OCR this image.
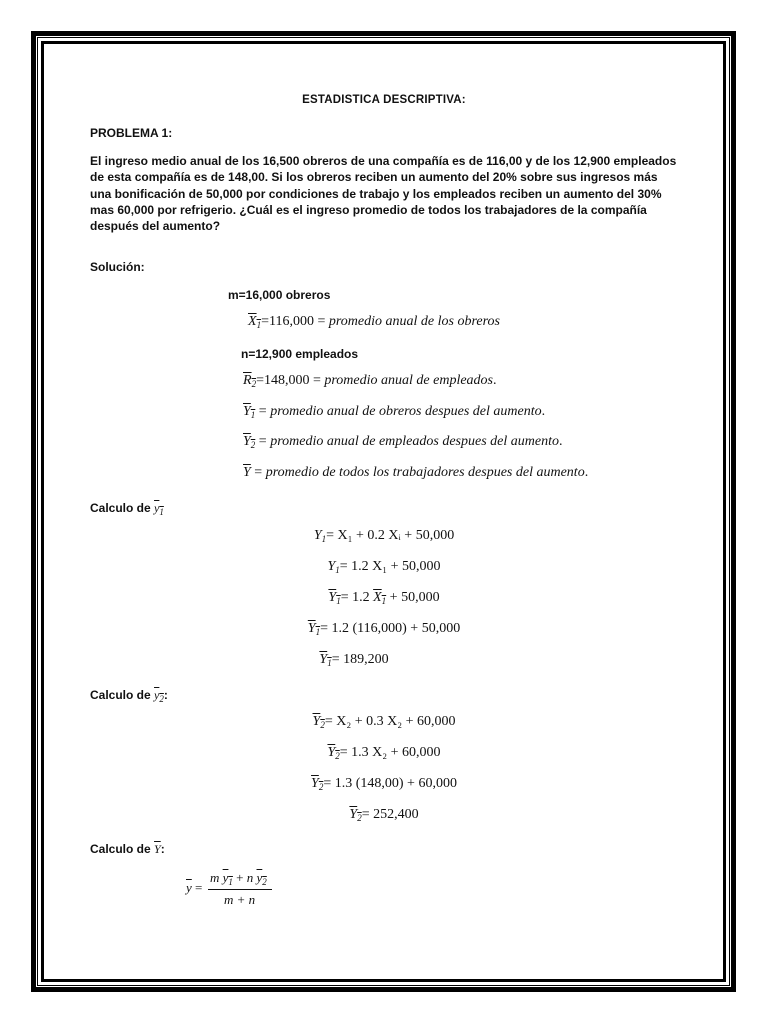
ESTADISTICA DESCRIPTIVA:
PROBLEMA 1:
El ingreso medio anual de los 16,500 obreros de una compañía es de 116,00 y de los 12,900 empleados de esta compañía es de 148,00. Si los obreros reciben un aumento del 20% sobre sus ingresos más una bonificación de 50,000 por condiciones de trabajo y los empleados reciben un aumento del 30% mas 60,000 por refrigerio. ¿Cuál es el ingreso promedio de todos los trabajadores de la compañía después del aumento?
Solución:
m=16,000 obreros
$X_1=116,000$ = promedio anual de los obreros
n=12,900 empleados
$R_2=148,000$ = promedio anual de empleados.
$Y_1$ = promedio anual de obreros despues del aumento.
$Y_2$ = promedio anual de empleados despues del aumento.
$\overline{Y}$ = promedio de todos los trabajadores despues del aumento.
Calculo de $y_1$
$Y_1= X_1 + 0.2$ Xᵢ + 50,000
$Y_1= 1.2$ X₁ + 50,000
$Y_1= 1.2$ $X_1 + 50,000$
$Y_1= 1.2$ (116,000) + 50,000
$Y_1= 189,200$
Calculo de $y_2$:
$Y_2= X_2 + 0.3$ X₂ + 60,000
$Y_2= 1.3$ X₂ + 60,000
$Y_2= 1.3$ (148,00) + 60,000
$Y_2= 252,400$
Calculo de $\overline{Y}$:
$\overline{y}$ =
m $y_1 + n$ $y_2$
m + n
